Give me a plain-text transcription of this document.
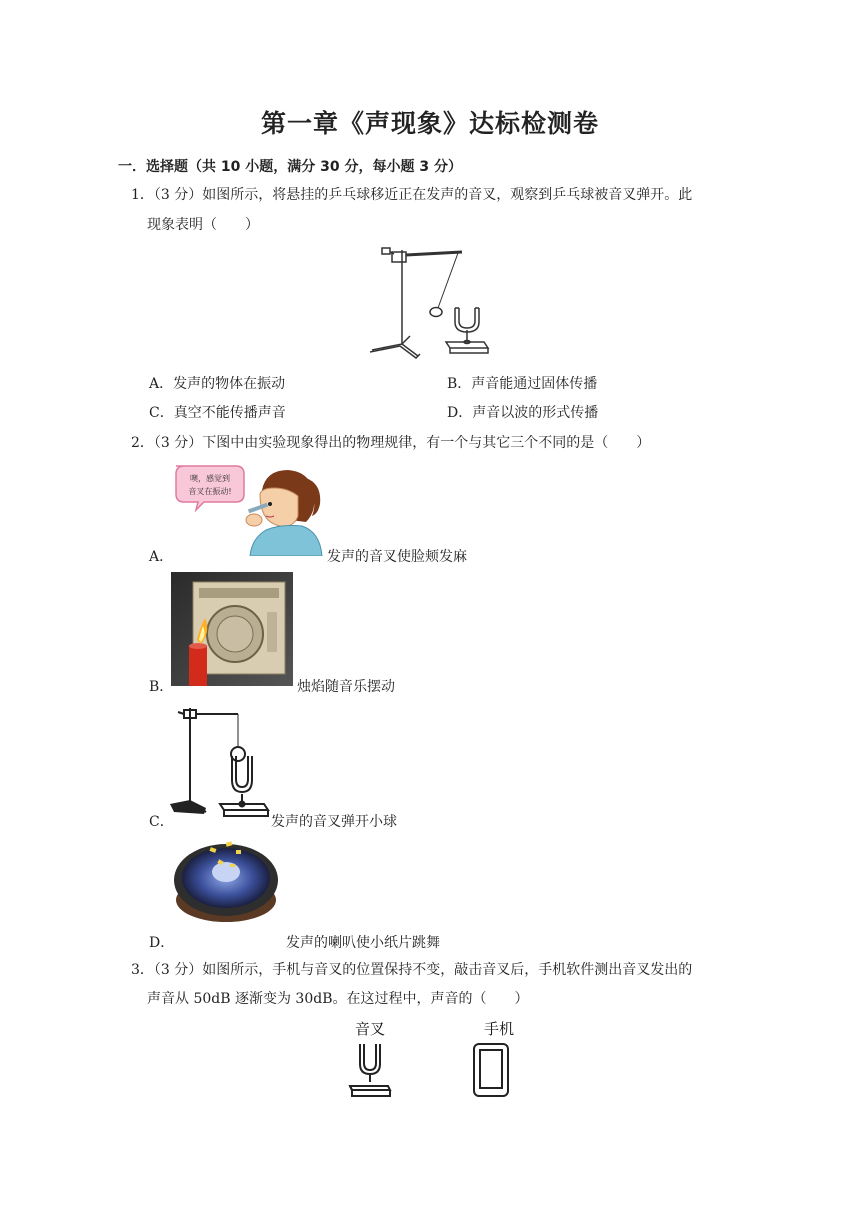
第一章《声现象》达标检测卷
一．选择题（共 10 小题，满分 30 分，每小题 3 分）
1．（3 分）如图所示，将悬挂的乒乓球移近正在发声的音叉，观察到乒乓球被音叉弹开。此
现象表明（　　）
A．发声的物体在振动	B．声音能通过固体传播
C．真空不能传播声音	D．声音以波的形式传播
2．（3 分）下图中由实验现象得出的物理规律，有一个与其它三个不同的是（　　）
噢，感觉到
音叉在振动!
A．	发声的音叉使脸颊发麻
B．	烛焰随音乐摆动
C．	发声的音叉弹开小球
D．	发声的喇叭使小纸片跳舞
3．（3 分）如图所示，手机与音叉的位置保持不变，敲击音叉后，手机软件测出音叉发出的
声音从 50dB 逐渐变为 30dB。在这过程中，声音的（　　）
音叉	手机
